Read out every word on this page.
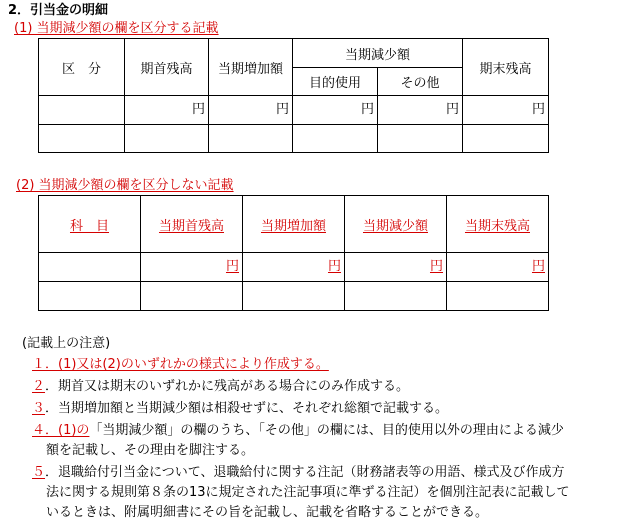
2．引当金の明細
(1) 当期減少額の欄を区分する記載
区　分	期首残高	当期増加額	当期減少額		期末残高
			目的使用	その他	
	円	円	円	円	円

(2) 当期減少額の欄を区分しない記載
科　目	当期首残高	当期増加額	当期減少額	当期末残高
	円	円	円	円

(記載上の注意)
１．(1)又は(2)のいずれかの様式により作成する。
２．期首又は期末のいずれかに残高がある場合にのみ作成する。
３．当期増加額と当期減少額は相殺せずに、それぞれ総額で記載する。
４．(1)の「当期減少額」の欄のうち、「その他」の欄には、目的使用以外の理由による減少
額を記載し、その理由を脚注する。
５．退職給付引当金について、退職給付に関する注記（財務諸表等の用語、様式及び作成方
法に関する規則第８条の13に規定された注記事項に準ずる注記）を個別注記表に記載して
いるときは、附属明細書にその旨を記載し、記載を省略することができる。
